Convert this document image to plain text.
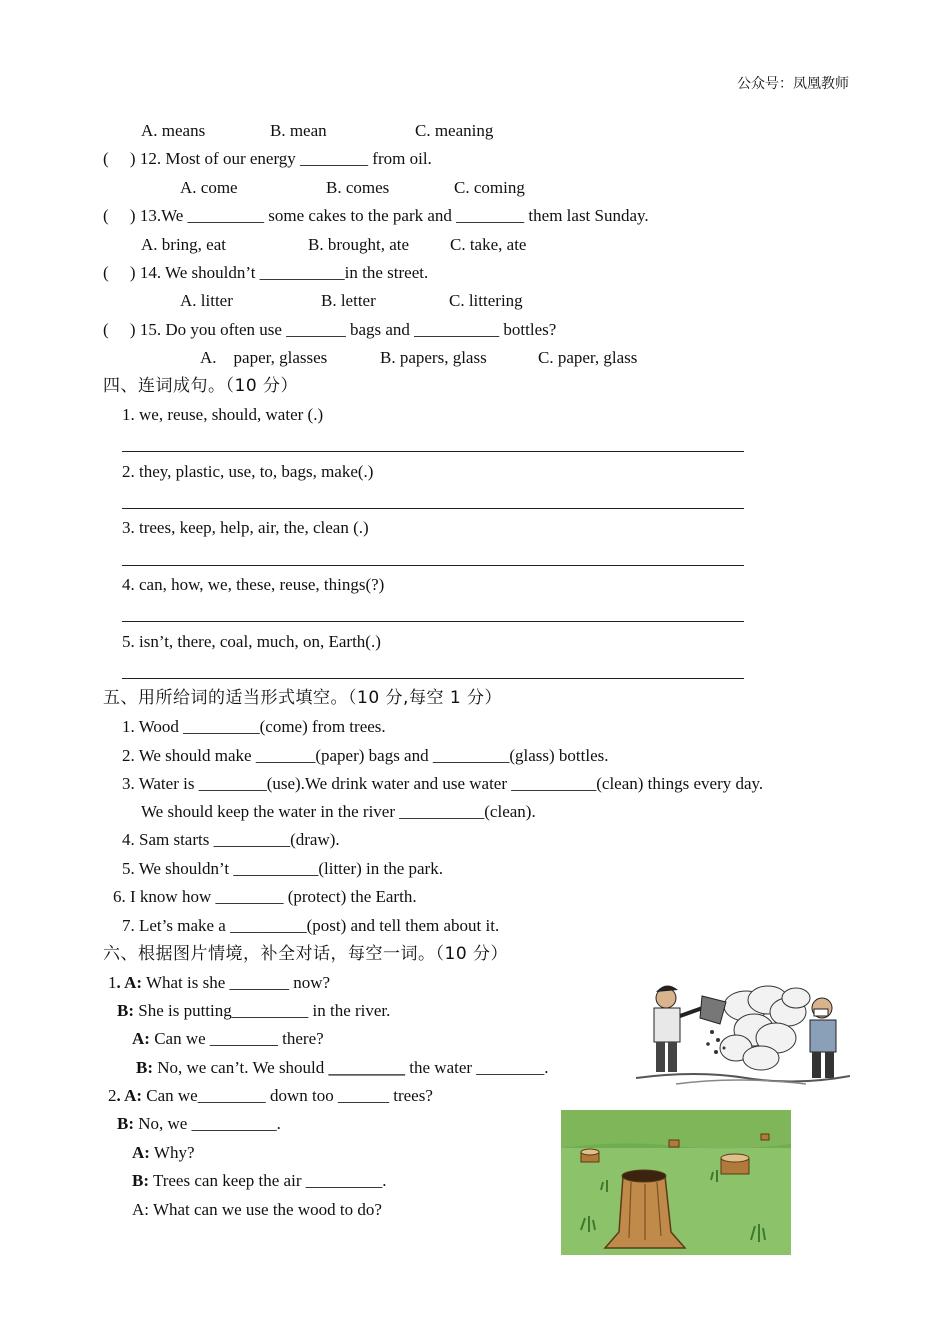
公众号：凤凰教师
A. means	B. mean	C. meaning
(     ) 12. Most of our energy ________ from oil.
A. come	B. comes	C. coming
(     ) 13.We _________ some cakes to the park and ________ them last Sunday.
A. bring, eat	B. brought, ate C. take, ate
(     ) 14. We shouldn’t __________in the street.
A. litter	B. letter	C. littering
(     ) 15. Do you often use _______ bags and __________ bottles?
A.    paper, glasses	B. papers, glass	C. paper, glass
四、连词成句。（10 分）
1. we, reuse, should, water (.)
2. they, plastic, use, to, bags, make(.)
3. trees, keep, help, air, the, clean (.)
4. can, how, we, these, reuse, things(?)
5. isn’t, there, coal, much, on, Earth(.)
五、用所给词的适当形式填空。（10 分,每空 1 分）
1. Wood _________(come) from trees.
2. We should make _______(paper) bags and _________(glass) bottles.
3. Water is ________(use).We drink water and use water __________(clean) things every day.
We should keep the water in the river __________(clean).
4. Sam starts _________(draw).
5. We shouldn’t __________(litter) in the park.
6. I know how ________ (protect) the Earth.
7. Let’s make a _________(post) and tell them about it.
六、根据图片情境，补全对话，每空一词。（10 分）
1. A: What is she _______ now?
B: She is putting_________ in the river.
A: Can we ________ there?
B: No, we can’t. We should _________ the water ________.
2. A: Can we________ down too ______ trees?
B: No, we __________.
A: Why?
B: Trees can keep the air _________.
A: What can we use the wood to do?
